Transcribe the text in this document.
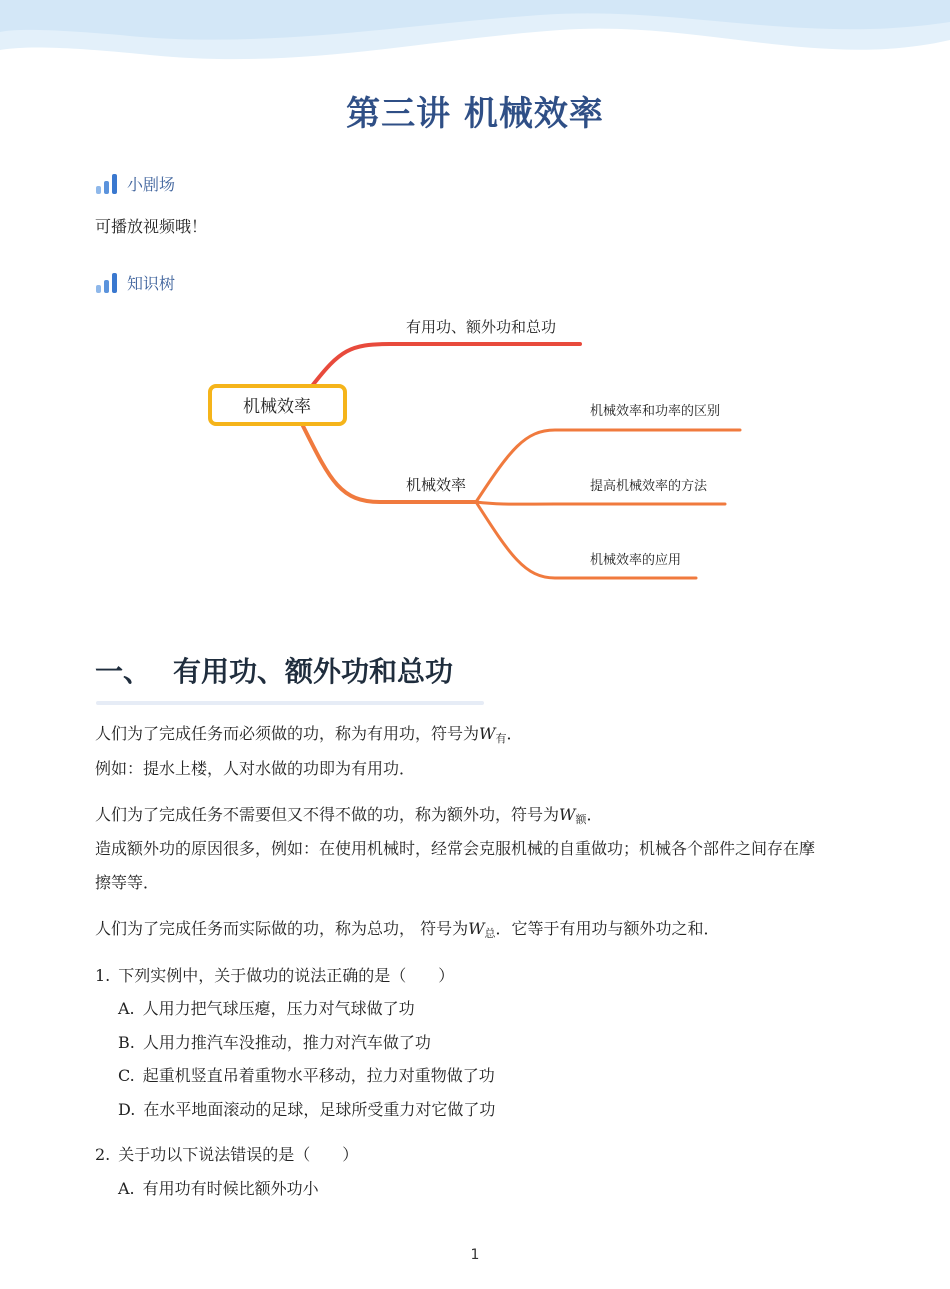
第三讲 机械效率
小剧场
可播放视频哦！
知识树
机械效率
有用功、额外功和总功
机械效率
机械效率和功率的区别
提高机械效率的方法
机械效率的应用
一、 有用功、额外功和总功
人们为了完成任务而必须做的功，称为有用功，符号为W有．
例如：提水上楼，人对水做的功即为有用功．
人们为了完成任务不需要但又不得不做的功，称为额外功，符号为W额．
造成额外功的原因很多，例如：在使用机械时，经常会克服机械的自重做功；机械各个部件之间存在摩
擦等等．
人们为了完成任务而实际做的功，称为总功， 符号为W总．它等于有用功与额外功之和．
1. 下列实例中，关于做功的说法正确的是（　　）
A. 人用力把气球压瘪，压力对气球做了功
B. 人用力推汽车没推动，推力对汽车做了功
C. 起重机竖直吊着重物水平移动，拉力对重物做了功
D. 在水平地面滚动的足球，足球所受重力对它做了功
2. 关于功以下说法错误的是（　　）
A. 有用功有时候比额外功小
1
